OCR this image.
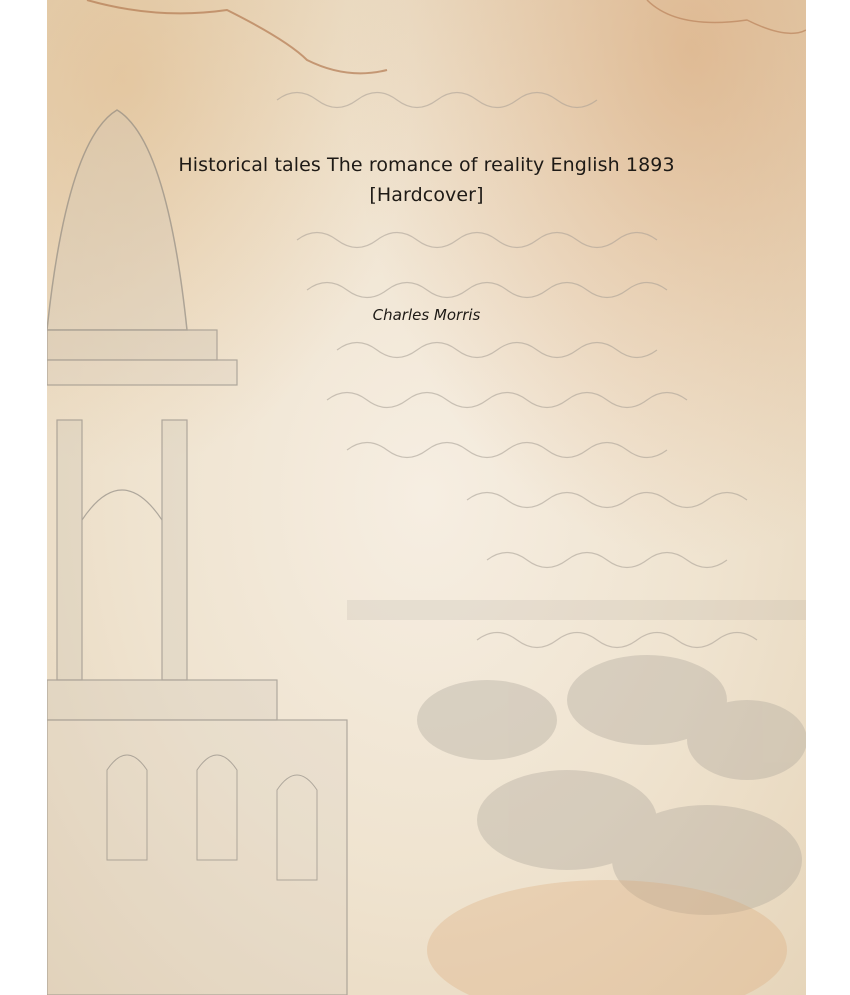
Historical tales The romance of reality English 1893
[Hardcover]
Charles Morris
